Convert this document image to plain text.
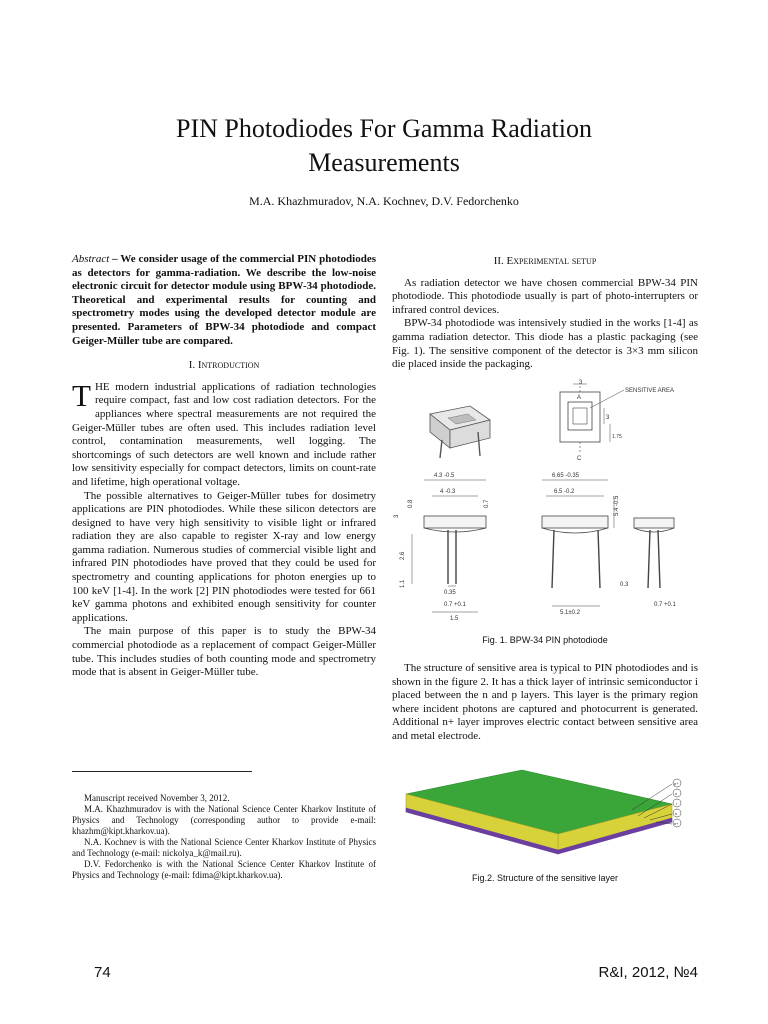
PIN Photodiodes For Gamma Radiation
Measurements
M.A. Khazhmuradov, N.A. Kochnev, D.V. Fedorchenko

Abstract – We consider usage of the commercial PIN photodiodes as detectors for gamma-radiation. We describe the low-noise electronic circuit for detector module using BPW-34 photodiode. Theoretical and experimental results for counting and spectrometry modes using the developed detector module are presented. Parameters of BPW-34 photodiode and compact Geiger-Müller tube are compared.

I. Introduction

THE modern industrial applications of radiation technologies require compact, fast and low cost radiation detectors. For the appliances where spectral measurements are not required the Geiger-Müller tubes are often used. This includes radiation level control, contamination measurements, well logging. The shortcomings of such detectors are well known and include rather low sensitivity especially for compact detectors, limits on count-rate and lifetime, high operational voltage.

The possible alternatives to Geiger-Müller tubes for dosimetry applications are PIN photodiodes. While these silicon detectors are designed to have very high sensitivity to visible light or infrared radiation they are also capable to register X-ray and low energy gamma radiation. Numerous studies of commercial visible light and infrared PIN photodiodes have proved that they could be used for spectrometry and counting applications for photon energies up to 100 keV [1-4]. In the work [2] PIN photodiodes were tested for 661 keV gamma photons and exhibited enough sensitivity for counter applications.

The main purpose of this paper is to study the BPW-34 commercial photodiode as a replacement of compact Geiger-Müller tube. This includes studies of both counting mode and spectrometry mode that is absent in Geiger-Müller tube.

II. Experimental setup

As radiation detector we have chosen commercial BPW-34 PIN photodiode. This photodiode usually is part of photo-interrupters or infrared control devices.

BPW-34 photodiode was intensively studied in the works [1-4] as gamma radiation detector. This diode has a plastic packaging (see Fig. 1). The sensitive component of the detector is 3×3 mm silicon die placed inside the packaging.

SENSITIVE AREA
A
C
3
3
1.75
4.3 -0.5
4 -0.3
2.6
1.1
0.7
0.8
3
0.35
0.7 +0.1
1.5
6.65 -0.35
6.5 -0.2
5.4 -0.5
5.1±0.2
0.3
0.7 +0.1
Fig. 1. BPW-34 PIN photodiode

The structure of sensitive area is typical to PIN photodiodes and is shown in the figure 2. It has a thick layer of intrinsic semiconductor i placed between the n and p layers. This layer is the primary region where incident photons are captured and photocurrent is generated. Additional n+ layer improves electric contact between sensitive area and metal electrode.

p+
n
i
n
n+
Fig.2. Structure of the sensitive layer

Manuscript received November 3, 2012.

M.A. Khazhmuradov is with the National Science Center Kharkov Institute of Physics and Technology (corresponding author to provide e-mail: khazhm@kipt.kharkov.ua).

N.A. Kochnev is with the National Science Center Kharkov Institute of Physics and Technology (e-mail: nickolya_k@mail.ru).

D.V. Fedorchenko is with the National Science Center Kharkov Institute of Physics and Technology (e-mail: fdima@kipt.kharkov.ua).

74	R&I, 2012, №4
